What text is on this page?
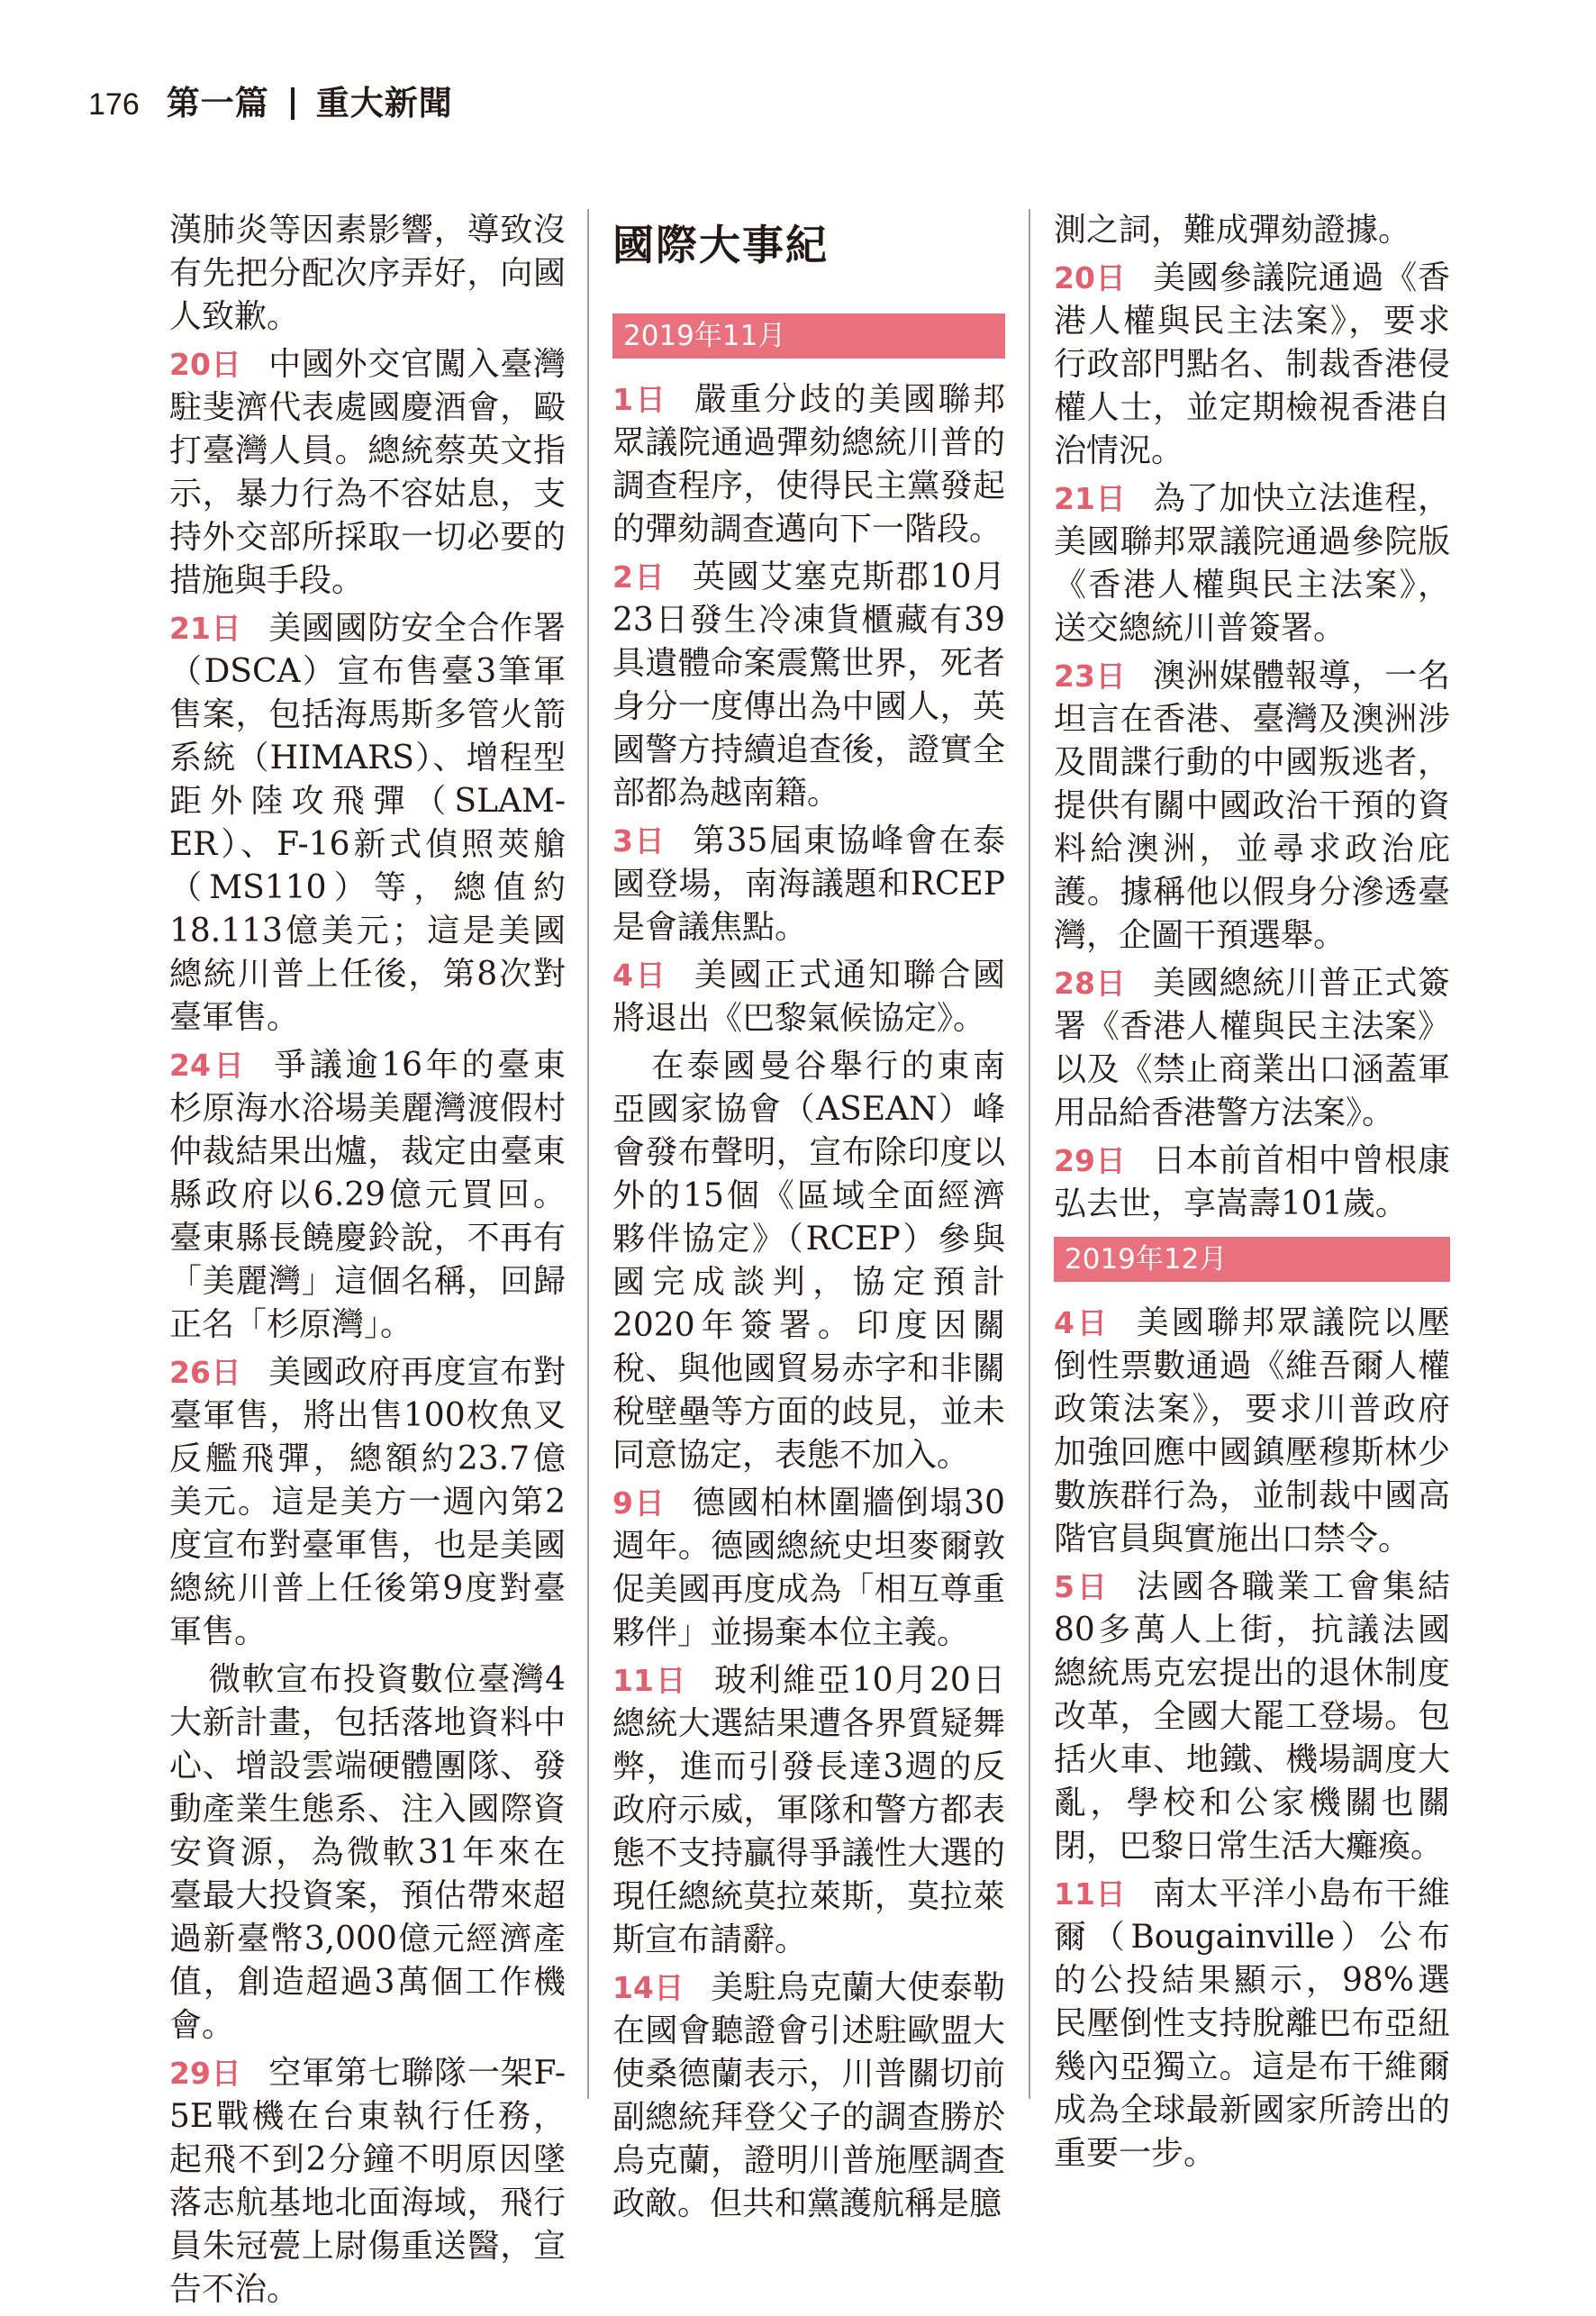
176 第一篇 重大新聞

漢肺炎等因素影響，導致沒有先把分配次序弄好，向國人致歉。

20日 中國外交官闖入臺灣駐斐濟代表處國慶酒會，毆打臺灣人員。總統蔡英文指示，暴力行為不容姑息，支持外交部所採取一切必要的措施與手段。

21日 美國國防安全合作署（DSCA）宣布售臺3筆軍售案，包括海馬斯多管火箭系統（HIMARS）、增程型距外陸攻飛彈（SLAM-ER）、F-16新式偵照莢艙（MS110）等，總值約18.113億美元；這是美國總統川普上任後，第8次對臺軍售。

24日 爭議逾16年的臺東杉原海水浴場美麗灣渡假村仲裁結果出爐，裁定由臺東縣政府以6.29億元買回。臺東縣長饒慶鈴說，不再有「美麗灣」這個名稱，回歸正名「杉原灣」。

26日 美國政府再度宣布對臺軍售，將出售100枚魚叉反艦飛彈，總額約23.7億美元。這是美方一週內第2度宣布對臺軍售，也是美國總統川普上任後第9度對臺軍售。

微軟宣布投資數位臺灣4大新計畫，包括落地資料中心、增設雲端硬體團隊、發動產業生態系、注入國際資安資源，為微軟31年來在臺最大投資案，預估帶來超過新臺幣3,000億元經濟產值，創造超過3萬個工作機會。

29日 空軍第七聯隊一架F-5E戰機在台東執行任務，起飛不到2分鐘不明原因墜落志航基地北面海域，飛行員朱冠甍上尉傷重送醫，宣告不治。

國際大事紀
2019年11月

1日 嚴重分歧的美國聯邦眾議院通過彈劾總統川普的調查程序，使得民主黨發起的彈劾調查邁向下一階段。

2日 英國艾塞克斯郡10月23日發生冷凍貨櫃藏有39具遺體命案震驚世界，死者身分一度傳出為中國人，英國警方持續追查後，證實全部都為越南籍。

3日 第35屆東協峰會在泰國登場，南海議題和RCEP是會議焦點。

4日 美國正式通知聯合國將退出《巴黎氣候協定》。

在泰國曼谷舉行的東南亞國家協會（ASEAN）峰會發布聲明，宣布除印度以外的15個《區域全面經濟夥伴協定》（RCEP）參與國完成談判，協定預計2020年簽署。印度因關稅、與他國貿易赤字和非關稅壁壘等方面的歧見，並未同意協定，表態不加入。

9日 德國柏林圍牆倒塌30週年。德國總統史坦麥爾敦促美國再度成為「相互尊重夥伴」並揚棄本位主義。

11日 玻利維亞10月20日總統大選結果遭各界質疑舞弊，進而引發長達3週的反政府示威，軍隊和警方都表態不支持贏得爭議性大選的現任總統莫拉萊斯，莫拉萊斯宣布請辭。

14日 美駐烏克蘭大使泰勒在國會聽證會引述駐歐盟大使桑德蘭表示，川普關切前副總統拜登父子的調查勝於烏克蘭，證明川普施壓調查政敵。但共和黨護航稱是臆

測之詞，難成彈劾證據。

20日 美國參議院通過《香港人權與民主法案》，要求行政部門點名、制裁香港侵權人士，並定期檢視香港自治情況。

21日 為了加快立法進程，美國聯邦眾議院通過參院版《香港人權與民主法案》，送交總統川普簽署。

23日 澳洲媒體報導，一名坦言在香港、臺灣及澳洲涉及間諜行動的中國叛逃者，提供有關中國政治干預的資料給澳洲，並尋求政治庇護。據稱他以假身分滲透臺灣，企圖干預選舉。

28日 美國總統川普正式簽署《香港人權與民主法案》以及《禁止商業出口涵蓋軍用品給香港警方法案》。

29日 日本前首相中曾根康弘去世，享嵩壽101歲。

2019年12月

4日 美國聯邦眾議院以壓倒性票數通過《維吾爾人權政策法案》，要求川普政府加強回應中國鎮壓穆斯林少數族群行為，並制裁中國高階官員與實施出口禁令。

5日 法國各職業工會集結80多萬人上街，抗議法國總統馬克宏提出的退休制度改革，全國大罷工登場。包括火車、地鐵、機場調度大亂，學校和公家機關也關閉，巴黎日常生活大癱瘓。

11日 南太平洋小島布干維爾（Bougainville）公布的公投結果顯示，98%選民壓倒性支持脫離巴布亞紐幾內亞獨立。這是布干維爾成為全球最新國家所誇出的重要一步。
